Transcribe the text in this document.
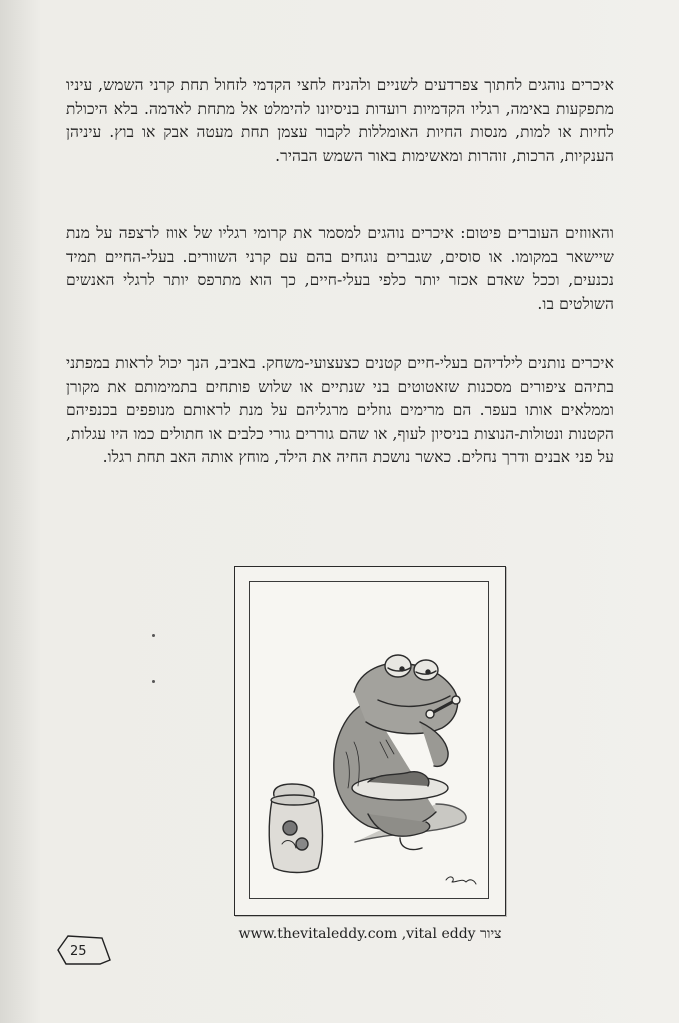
איכרים נוהגים לחתוך צפרדעים לשניים ולהניח לחצי הקדמי לזחול תחת קרני השמש, עיניו מתפקעות באימה, רגליו הקדמיות רועדות בניסיונו להימלט אל מתחת לאדמה. בלא היכולת לחיות או למות, מנסות החיות האומללות לקבור עצמן תחת מעטה אבק או בוץ. עיניהן הענקיות, הרכות, זוהרות ומאשימות באור השמש הבהיר.

והאווזים העוברים פיטום: איכרים נוהגים למסמר את קרומי רגליו של אווז לרצפה על מנת שיישאר במקומו. או סוסים, שגברים נוגחים בהם עם קרני השוורים. בעלי-החיים תמיד נכנעים, וככל שאדם אכזר יותר כלפי בעלי-חיים, כך הוא מתרפס יותר לרגלי האנשים השולטים בו.

איכרים נותנים לילדיהם בעלי-חיים קטנים כצעצועי-משחק. באביב, הנך יכול לראות במפתני בתיהם ציפורים מסכנות שזאטוטים בני שנתיים או שלוש פותחים בתמימותם את מקורן וממלאים אותו בעפר. הם מרימים גוזלים מרגליהם על מנת לראותם מנופפים בכנפיהם הקטנות ונטולות-הנוצות בניסיון לעוף, או שהם גוררים גורי כלבים או חתולים כמו היו עגלות, על פני אבנים ודרך נחלים. כאשר נושכת החיה את הילד, מוחץ אותה האב תחת רגלו.

www.thevitaleddy.com ,vital eddy ציור
25
